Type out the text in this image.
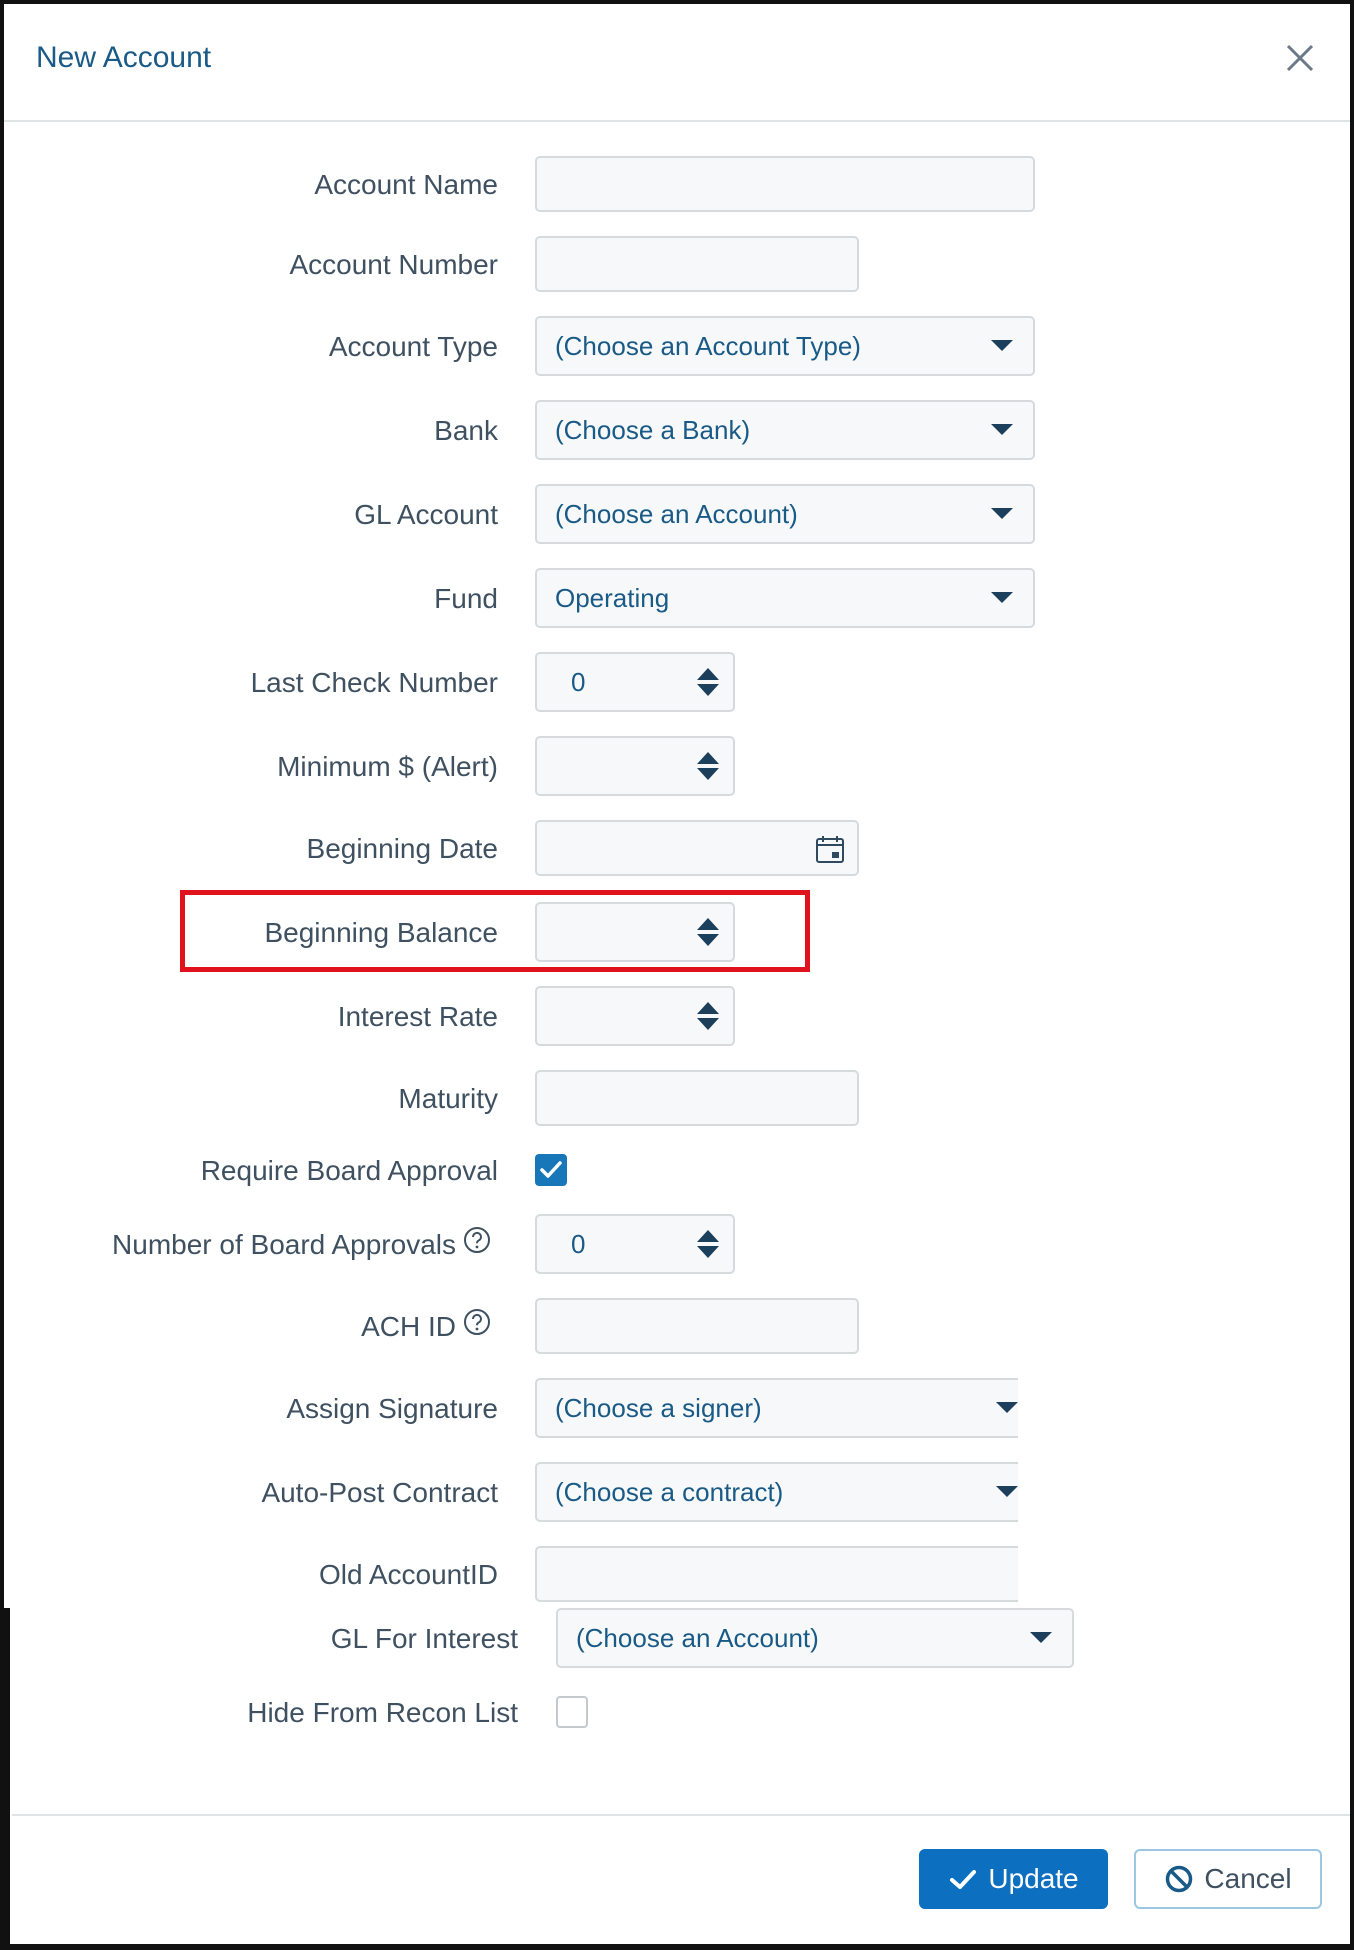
New Account
Account Name
Account Number
Account Type (Choose an Account Type)
Bank (Choose a Bank)
GL Account (Choose an Account)
Fund Operating
Last Check Number	0
Minimum $ (Alert)
Beginning Date
Beginning Balance
Interest Rate
Maturity
Require Board Approval
Number of Board Approvals	0
ACH ID
Assign Signature (Choose a signer)
Auto-Post Contract (Choose a contract)
Old AccountID
GL For Interest (Choose an Account)
Hide From Recon List
Update	Cancel
